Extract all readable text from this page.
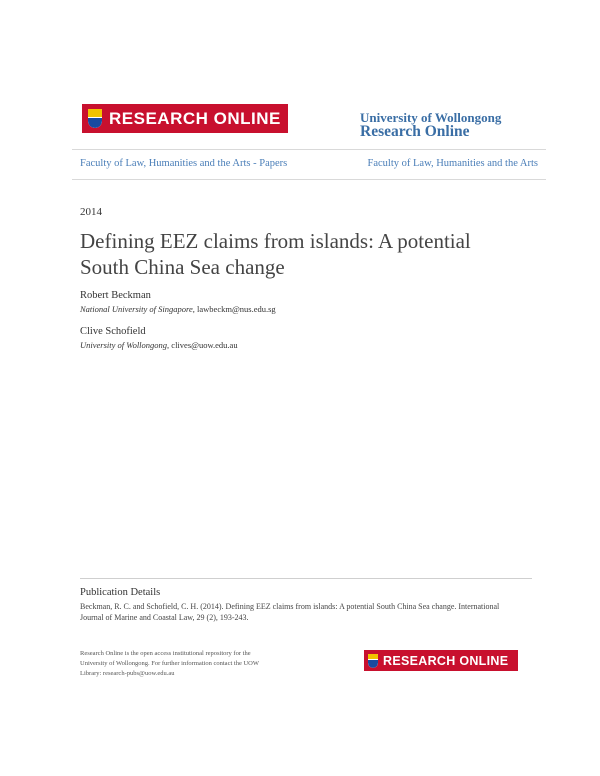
RESEARCH ONLINE	University of Wollongong
Research Online
Faculty of Law, Humanities and the Arts - Papers	Faculty of Law, Humanities and the Arts
2014
Defining EEZ claims from islands: A potential
South China Sea change
Robert Beckman
National University of Singapore, lawbeckm@nus.edu.sg
Clive Schofield
University of Wollongong, clives@uow.edu.au
Publication Details
Beckman, R. C. and Schofield, C. H. (2014). Defining EEZ claims from islands: A potential South China Sea change. International
Journal of Marine and Coastal Law, 29 (2), 193-243.
Research Online is the open access institutional repository for the
University of Wollongong. For further information contact the UOW
Library: research-pubs@uow.edu.au
RESEARCH ONLINE
